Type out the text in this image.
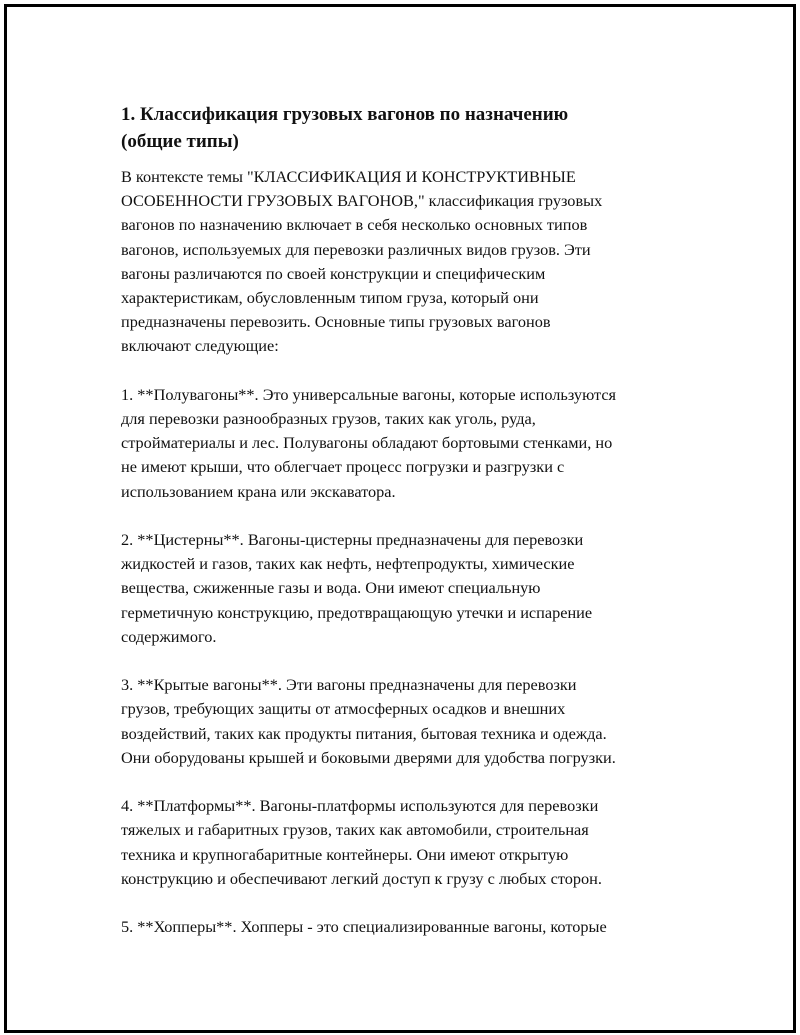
1. Классификация грузовых вагонов по назначению
(общие типы)

В контексте темы "КЛАССИФИКАЦИЯ И КОНСТРУКТИВНЫЕ
ОСОБЕННОСТИ ГРУЗОВЫХ ВАГОНОВ," классификация грузовых
вагонов по назначению включает в себя несколько основных типов
вагонов, используемых для перевозки различных видов грузов. Эти
вагоны различаются по своей конструкции и специфическим
характеристикам, обусловленным типом груза, который они
предназначены перевозить. Основные типы грузовых вагонов
включают следующие:

1. **Полувагоны**. Это универсальные вагоны, которые используются
для перевозки разнообразных грузов, таких как уголь, руда,
стройматериалы и лес. Полувагоны обладают бортовыми стенками, но
не имеют крыши, что облегчает процесс погрузки и разгрузки с
использованием крана или экскаватора.

2. **Цистерны**. Вагоны-цистерны предназначены для перевозки
жидкостей и газов, таких как нефть, нефтепродукты, химические
вещества, сжиженные газы и вода. Они имеют специальную
герметичную конструкцию, предотвращающую утечки и испарение
содержимого.

3. **Крытые вагоны**. Эти вагоны предназначены для перевозки
грузов, требующих защиты от атмосферных осадков и внешних
воздействий, таких как продукты питания, бытовая техника и одежда.
Они оборудованы крышей и боковыми дверями для удобства погрузки.

4. **Платформы**. Вагоны-платформы используются для перевозки
тяжелых и габаритных грузов, таких как автомобили, строительная
техника и крупногабаритные контейнеры. Они имеют открытую
конструкцию и обеспечивают легкий доступ к грузу с любых сторон.

5. **Хопперы**. Хопперы - это специализированные вагоны, которые
